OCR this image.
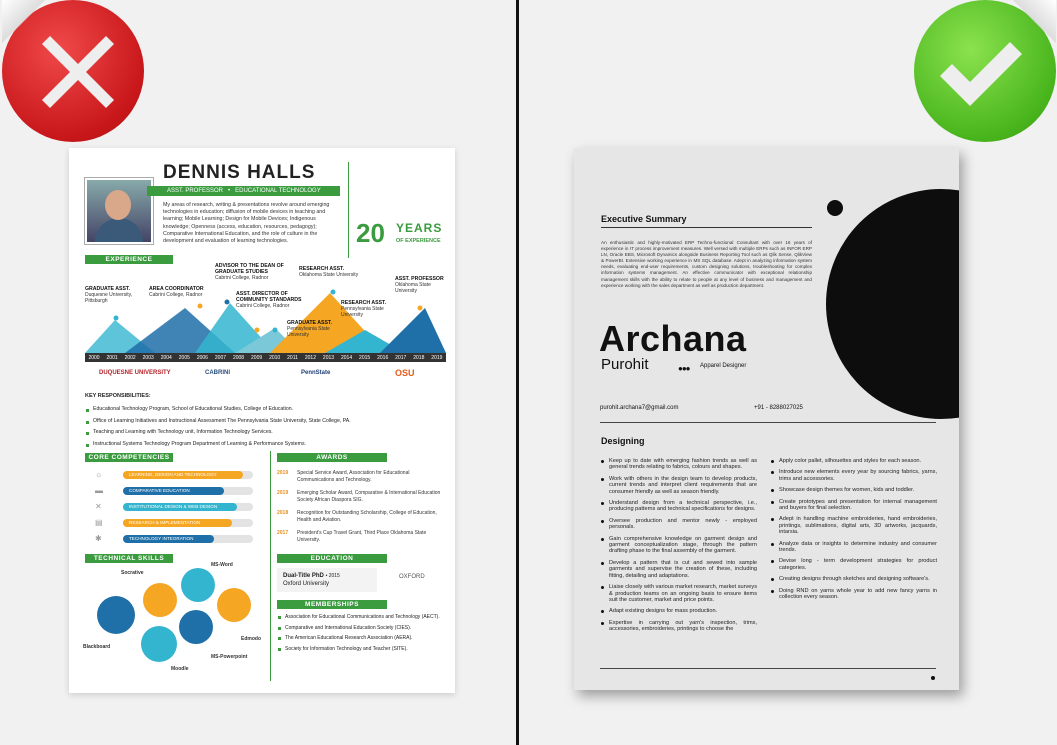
DENNIS HALLS
ASST. PROFESSOR   •   EDUCATIONAL TECHNOLOGY
My areas of research, writing & presentations revolve around emerging technologies in education; diffusion of mobile devices in teaching and learning; Mobile Learning; Design for Mobile Devices; Indigenous knowledge; Openness (access, education, resources, pedagogy); Comparative International Education, and the role of culture in the development and evaluation of learning technologies.	20 YEARS
OF EXPERIENCE
EXPERIENCE
GRADUATE ASST.
Duquesne University, Pittsburgh
AREA COORDINATOR
Cabrini College, Radnor
ADVISOR TO THE DEAN OF GRADUATE STUDIES
Cabrini College, Radnor
ASST. DIRECTOR OF COMMUNITY STANDARDS
Cabrini College, Radnor
RESEARCH ASST.
Oklahoma State University
GRADUATE ASST.
Pennsylvania State University
RESEARCH ASST.
Pennsylvania State University
ASST. PROFESSOR
Oklahoma State University
2000 2001 2002 2003 2004 2005 2006 2007 2008 2009 2010 2011 2012 2013 2014 2015 2016 2017 2018 2019
DUQUESNE UNIVERSITY	CABRINI	PennState	OSU
KEY RESPONSIBILITIES:
Educational Technology Program, School of Educational Studies, College of Education.
Office of Learning Initiatives and Instructional Assessment The Pennsylvania State University, State College, PA.
Teaching and Learning with Technology unit, Information Technology Services.
Instructional Systems Technology Program Department of Learning & Performance Systems.
CORE COMPETENCIES	AWARDS
☼	LEARNING, DESIGN AND TECHNOLOGY
▬	COMPARATIVE EDUCATION
✕	INSTITUTIONAL DESIGN & WEB DESIGN
▤	RESEARCH & IMPLEMENTATION
✱	TECHNOLOGY INTEGRATION
2019	Special Service Award, Association for Educational Communications and Technology.
2019	Emerging Scholar Award, Comparative & International Education Society African Diaspora SIG.
2018	Recognition for Outstanding Scholarship, College of Education, Health and Aviation.
2017	President's Cup Travel Grant, Third Place Oklahoma State University.
TECHNICAL SKILLS
Socrative
MS-Word
Blackboard
Edmodo
Moodle
MS-Powerpoint
EDUCATION
Dual-Title PhD • 2015
Oxford University
OXFORD
MEMBERSHIPS
Association for Educational Communications and Technology (AECT).
Comparative and International Education Society (CIES).
The American Educational Research Association (AERA).
Society for Information Technology and Teacher (SITE).
Executive Summary
An enthusiastic and highly-motivated ERP Techno-functional Consultant with over 16 years of experience in IT process improvement measures. Well versed with multiple ERPs such as INFOR ERP LN, Oracle EBS, Microsoft Dynamics alongside Business Reporting Tool such as Qlik Sense, QlikView & PowerBI. Extensive working experience in MS SQL database. Adept in analyzing information system needs, evaluating end-user requirements, custom designing solutions, troubleshooting for complex information systems management. An effective communicator with exceptional relationship management skills with the ability to relate to people at any level of business and management and experience working with the sales department as well as production department.
Archana
Purohit	●●● Apparel Designer
purohit.archana7@gmail.com	+91 - 8288027025
Designing
Keep up to date with emerging fashion trends as well as general trends relating to fabrics, colours and shapes.
Work with others in the design team to develop products, current trends and interpret client requirements that are consumer friendly as well as season friendly.
Understand design from a technical perspective, i.e., producing patterns and technical specifications for designs.
Oversee production and mentor newly - employed personals.
Gain comprehensive knowledge on garment design and garment conceptualization stage, through the pattern drafting phase to the final assembly of the garment.
Develop a pattern that is cut and sewed into sample garments and supervise the creation of these, including fitting, detailing and adaptations.
Liaise closely with various market research, market surveys & production teams on an ongoing basis to ensure items suit the customer, market and price points.
Adapt existing designs for mass production.
Expertise in carrying out yarn's inspection, trims, accessories, embroideries, printings to choose the
Apply color pallet, silhouettes and styles for each season.
Introduce new elements every year by sourcing fabrics, yarns, trims and accessories.
Showcase design themes for women, kids and toddler.
Create prototypes and presentation for internal management and buyers for final selection.
Adept in handling machine embroideries, hand embroideries, printings, sublimations, digital arts, 3D artworks, jacquards, intarsia.
Analyze data or insights to determine industry and consumer trends.
Devise long - term development strategies for product categories.
Creating designs through sketches and designing software's.
Doing RND on yarns whole year to add new fancy yarns in collection every season.
